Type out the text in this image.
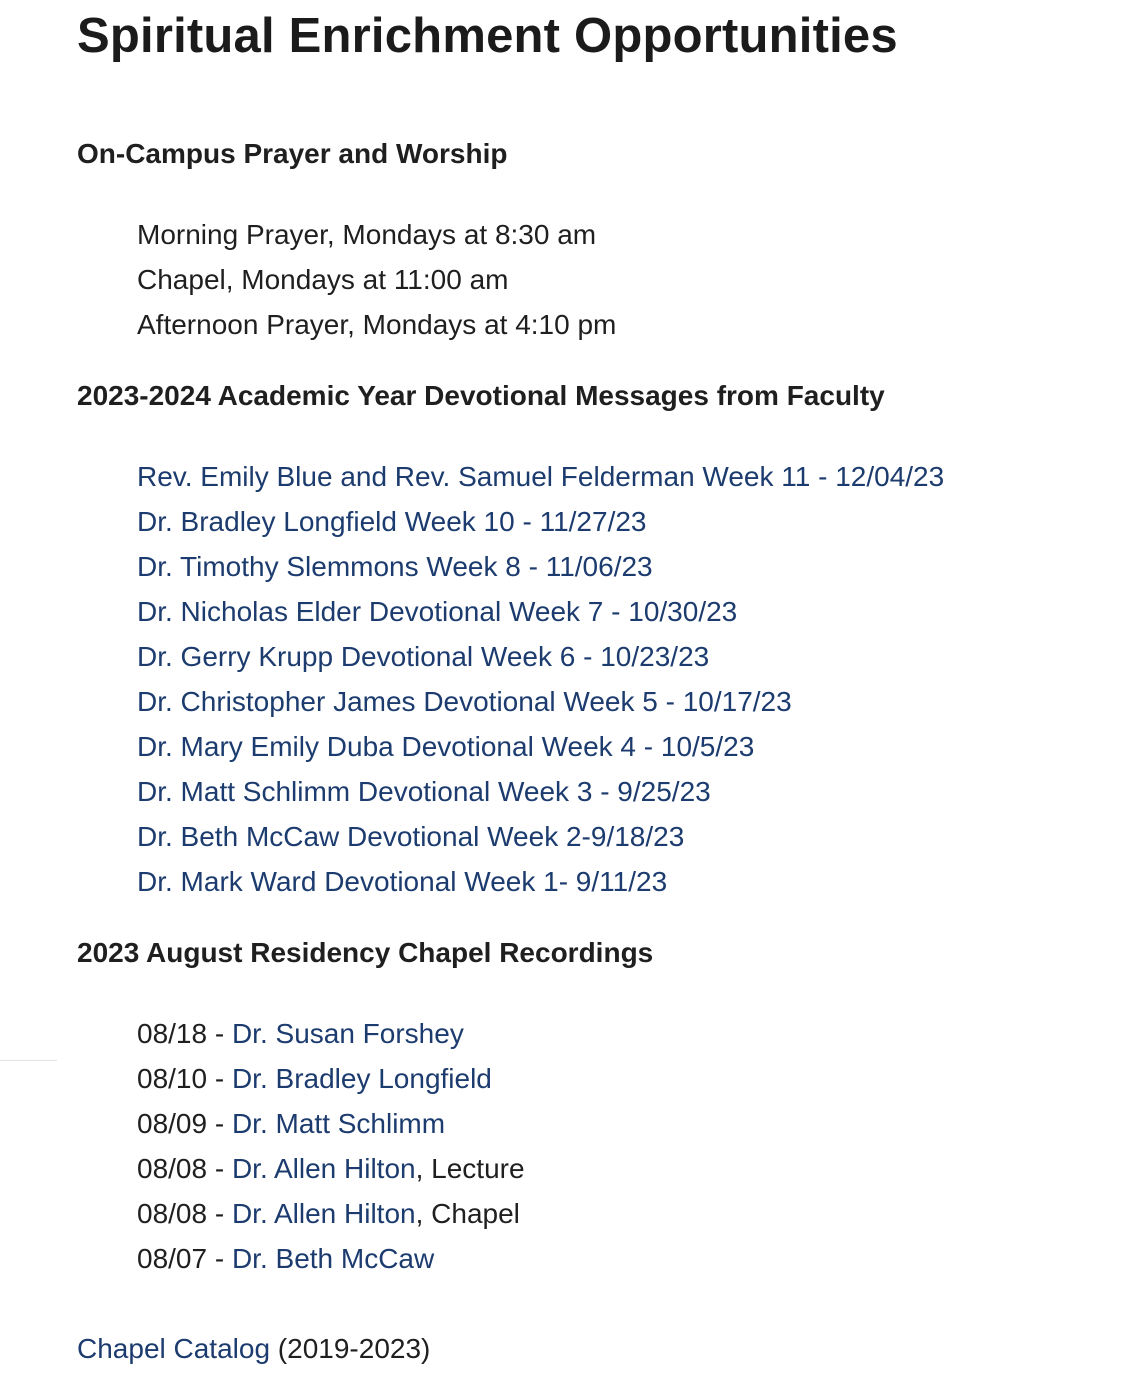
Spiritual Enrichment Opportunities
On-Campus Prayer and Worship
Morning Prayer, Mondays at 8:30 am
Chapel, Mondays at 11:00 am
Afternoon Prayer, Mondays at 4:10 pm
2023-2024 Academic Year Devotional Messages from Faculty
Rev. Emily Blue and Rev. Samuel Felderman Week 11 - 12/04/23
Dr. Bradley Longfield Week 10 - 11/27/23
Dr. Timothy Slemmons Week 8 - 11/06/23
Dr. Nicholas Elder Devotional Week 7 - 10/30/23
Dr. Gerry Krupp Devotional Week 6 - 10/23/23
Dr. Christopher James Devotional Week 5 - 10/17/23
Dr. Mary Emily Duba Devotional Week 4 - 10/5/23
Dr. Matt Schlimm Devotional Week 3 - 9/25/23
Dr. Beth McCaw Devotional Week 2-9/18/23
Dr. Mark Ward Devotional Week 1- 9/11/23
2023 August Residency Chapel Recordings
08/18 - Dr. Susan Forshey
08/10 - Dr. Bradley Longfield
08/09 - Dr. Matt Schlimm
08/08 - Dr. Allen Hilton, Lecture
08/08 - Dr. Allen Hilton, Chapel
08/07 - Dr. Beth McCaw
Chapel Catalog (2019-2023)
